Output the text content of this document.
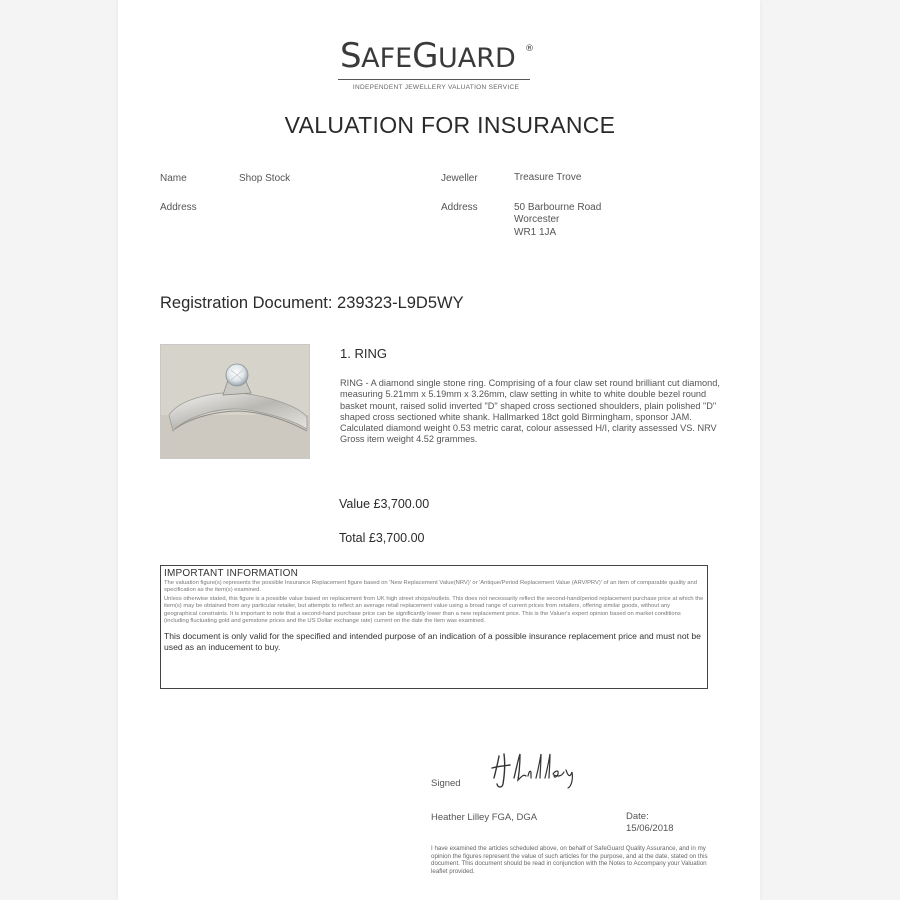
SAFEGUARD ®
INDEPENDENT JEWELLERY VALUATION SERVICE
VALUATION FOR INSURANCE
Name	Shop Stock
Address
Jeweller	Treasure Trove
Address	50 Barbourne Road
Worcester
WR1 1JA
Registration Document: 239323-L9D5WY
1. RING
RING - A diamond single stone ring. Comprising of a four claw set round brilliant cut diamond, measuring 5.21mm x 5.19mm x 3.26mm, claw setting in white to white double bezel round basket mount, raised solid inverted "D" shaped cross sectioned shoulders, plain polished "D" shaped cross sectioned white shank. Hallmarked 18ct gold Birmingham, sponsor JAM. Calculated diamond weight 0.53 metric carat, colour assessed H/I, clarity assessed VS. NRV Gross item weight 4.52 grammes.
Value £3,700.00
Total £3,700.00
IMPORTANT INFORMATION
The valuation figure(s) represents the possible Insurance Replacement figure based on 'New Replacement Value(NRV)' or 'Antique/Period Replacement Value (ARV/PRV)' of an item of comparable quality and specification as the item(s) examined.
Unless otherwise stated, this figure is a possible value based on replacement from UK high street shops/outlets. This does not necessarily reflect the second-hand/period replacement purchase price at which the item(s) may be obtained from any particular retailer, but attempts to reflect an average retail replacement value using a broad range of current prices from retailers, offering similar goods, without any geographical constraints. It is important to note that a second-hand purchase price can be significantly lower than a new replacement price. This is the Valuer's expert opinion based on market conditions (including fluctuating gold and gemstone prices and the US Dollar exchange rate) current on the date the item was examined.
This document is only valid for the specified and intended purpose of an indication of a possible insurance replacement price and must not be used as an inducement to buy.
Signed
Heather Lilley FGA, DGA	Date:
15/06/2018
I have examined the articles scheduled above, on behalf of SafeGuard Quality Assurance, and in my opinion the figures represent the value of such articles for the purpose, and at the date, stated on this document. This document should be read in conjunction with the Notes to Accompany your Valuation leaflet provided.
